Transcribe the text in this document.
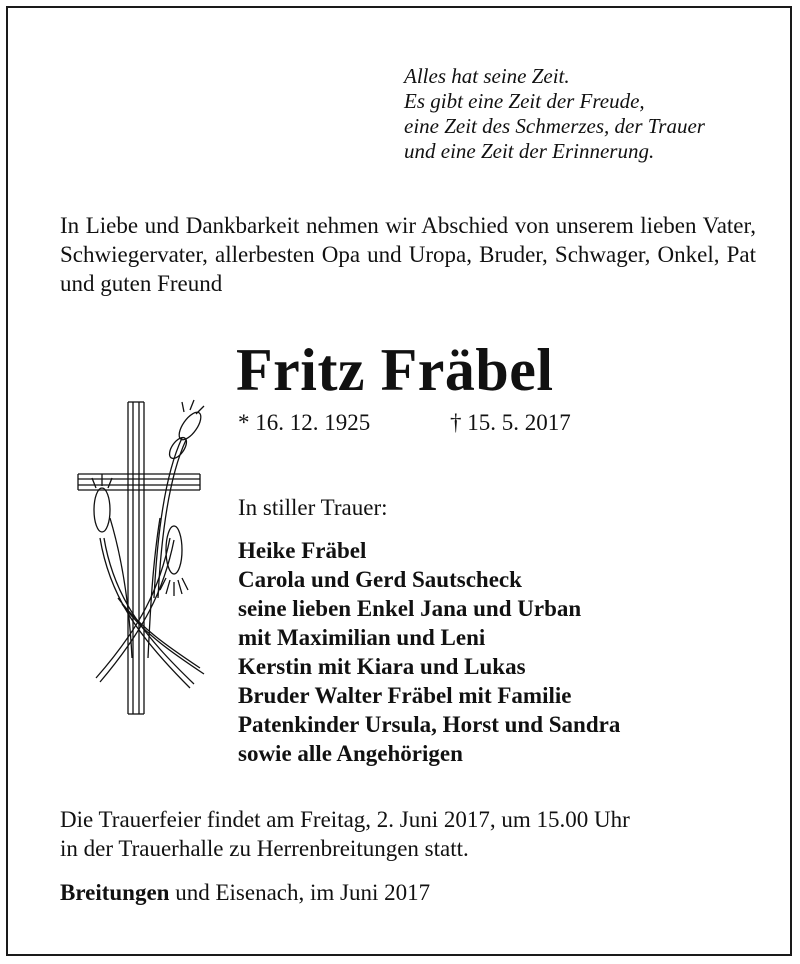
Alles hat seine Zeit.
Es gibt eine Zeit der Freude,
eine Zeit des Schmerzes, der Trauer
und eine Zeit der Erinnerung.
In Liebe und Dankbarkeit nehmen wir Abschied von unserem lieben Vater, Schwiegervater, allerbesten Opa und Uropa, Bruder, Schwager, Onkel, Pat und guten Freund
Fritz Fräbel
* 16. 12. 1925	† 15. 5. 2017
In stiller Trauer:
Heike Fräbel
Carola und Gerd Sautscheck
seine lieben Enkel Jana und Urban
mit Maximilian und Leni
Kerstin mit Kiara und Lukas
Bruder Walter Fräbel mit Familie
Patenkinder Ursula, Horst und Sandra
sowie alle Angehörigen
Die Trauerfeier findet am Freitag, 2. Juni 2017, um 15.00 Uhr
in der Trauerhalle zu Herrenbreitungen statt.
Breitungen und Eisenach, im Juni 2017
